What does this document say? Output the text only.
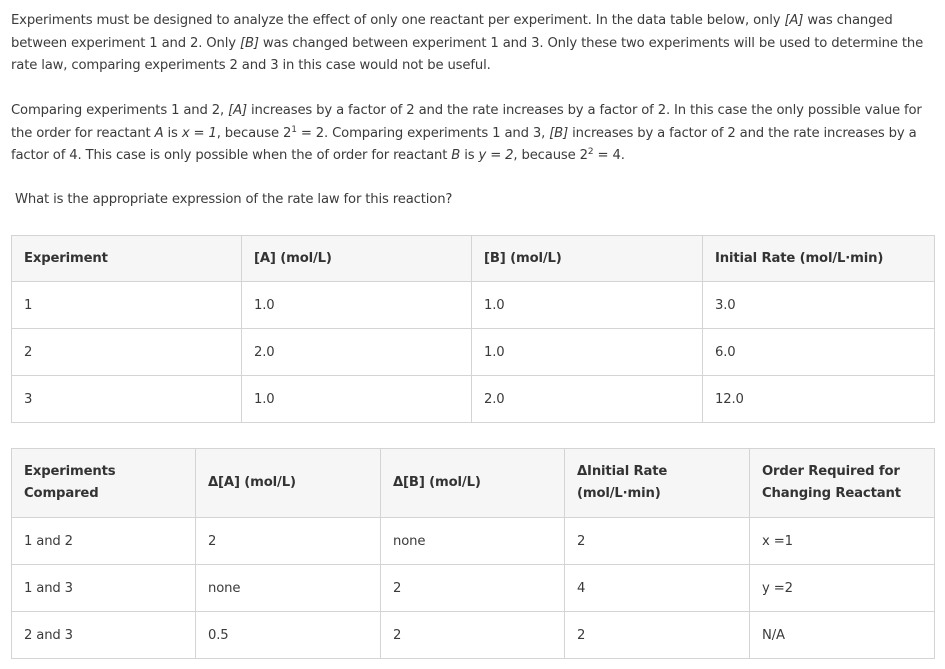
Experiments must be designed to analyze the effect of only one reactant per experiment. In the data table below, only [A] was changed between experiment 1 and 2. Only [B] was changed between experiment 1 and 3. Only these two experiments will be used to determine the rate law, comparing experiments 2 and 3 in this case would not be useful.

Comparing experiments 1 and 2, [A] increases by a factor of 2 and the rate increases by a factor of 2. In this case the only possible value for the order for reactant A is x = 1, because $2^1 = 2$. Comparing experiments 1 and 3, [B] increases by a factor of 2 and the rate increases by a factor of 4. This case is only possible when the of order for reactant B is y = 2, because $2^2 = 4$.

What is the appropriate expression of the rate law for this reaction?

Experiment	[A] (mol/L)	[B] (mol/L)	Initial Rate (mol/L·min)
1	1.0	1.0	3.0
2	2.0	1.0	6.0
3	1.0	2.0	12.0
Experiments Compared	Δ[A] (mol/L)	Δ[B] (mol/L)	ΔInitial Rate (mol/L·min)	Order Required for Changing Reactant
1 and 2	2	none	2	x =1
1 and 3	none	2	4	y =2
2 and 3	0.5	2	2	N/A
